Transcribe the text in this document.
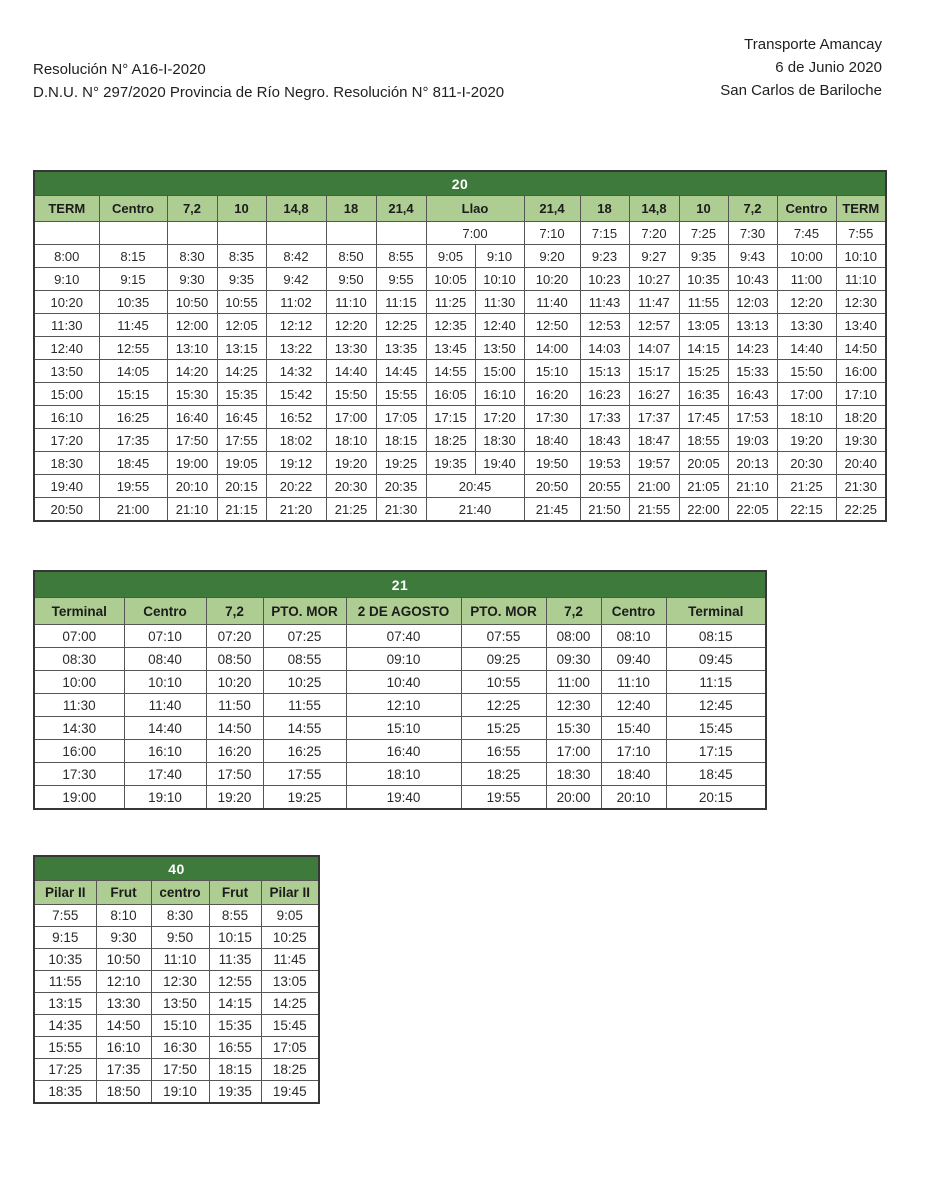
Resolución N° A16-I-2020
D.N.U. N° 297/2020 Provincia de Río Negro. Resolución N° 811-I-2020
Transporte Amancay
6 de Junio 2020
San Carlos de Bariloche
20															
TERM	Centro	7,2	10	14,8	18	21,4	Llao		21,4	18	14,8	10	7,2	Centro	TERM
							7:00		7:10	7:15	7:20	7:25	7:30	7:45	7:55
8:00	8:15	8:30	8:35	8:42	8:50	8:55	9:05	9:10	9:20	9:23	9:27	9:35	9:43	10:00	10:10
9:10	9:15	9:30	9:35	9:42	9:50	9:55	10:05	10:10	10:20	10:23	10:27	10:35	10:43	11:00	11:10
10:20	10:35	10:50	10:55	11:02	11:10	11:15	11:25	11:30	11:40	11:43	11:47	11:55	12:03	12:20	12:30
11:30	11:45	12:00	12:05	12:12	12:20	12:25	12:35	12:40	12:50	12:53	12:57	13:05	13:13	13:30	13:40
12:40	12:55	13:10	13:15	13:22	13:30	13:35	13:45	13:50	14:00	14:03	14:07	14:15	14:23	14:40	14:50
13:50	14:05	14:20	14:25	14:32	14:40	14:45	14:55	15:00	15:10	15:13	15:17	15:25	15:33	15:50	16:00
15:00	15:15	15:30	15:35	15:42	15:50	15:55	16:05	16:10	16:20	16:23	16:27	16:35	16:43	17:00	17:10
16:10	16:25	16:40	16:45	16:52	17:00	17:05	17:15	17:20	17:30	17:33	17:37	17:45	17:53	18:10	18:20
17:20	17:35	17:50	17:55	18:02	18:10	18:15	18:25	18:30	18:40	18:43	18:47	18:55	19:03	19:20	19:30
18:30	18:45	19:00	19:05	19:12	19:20	19:25	19:35	19:40	19:50	19:53	19:57	20:05	20:13	20:30	20:40
19:40	19:55	20:10	20:15	20:22	20:30	20:35	20:45		20:50	20:55	21:00	21:05	21:10	21:25	21:30
20:50	21:00	21:10	21:15	21:20	21:25	21:30	21:40		21:45	21:50	21:55	22:00	22:05	22:15	22:25
21								
Terminal	Centro	7,2	PTO. MOR	2 DE AGOSTO	PTO. MOR	7,2	Centro	Terminal
07:00	07:10	07:20	07:25	07:40	07:55	08:00	08:10	08:15
08:30	08:40	08:50	08:55	09:10	09:25	09:30	09:40	09:45
10:00	10:10	10:20	10:25	10:40	10:55	11:00	11:10	11:15
11:30	11:40	11:50	11:55	12:10	12:25	12:30	12:40	12:45
14:30	14:40	14:50	14:55	15:10	15:25	15:30	15:40	15:45
16:00	16:10	16:20	16:25	16:40	16:55	17:00	17:10	17:15
17:30	17:40	17:50	17:55	18:10	18:25	18:30	18:40	18:45
19:00	19:10	19:20	19:25	19:40	19:55	20:00	20:10	20:15
40				
Pilar II	Frut	centro	Frut	Pilar II
7:55	8:10	8:30	8:55	9:05
9:15	9:30	9:50	10:15	10:25
10:35	10:50	11:10	11:35	11:45
11:55	12:10	12:30	12:55	13:05
13:15	13:30	13:50	14:15	14:25
14:35	14:50	15:10	15:35	15:45
15:55	16:10	16:30	16:55	17:05
17:25	17:35	17:50	18:15	18:25
18:35	18:50	19:10	19:35	19:45
